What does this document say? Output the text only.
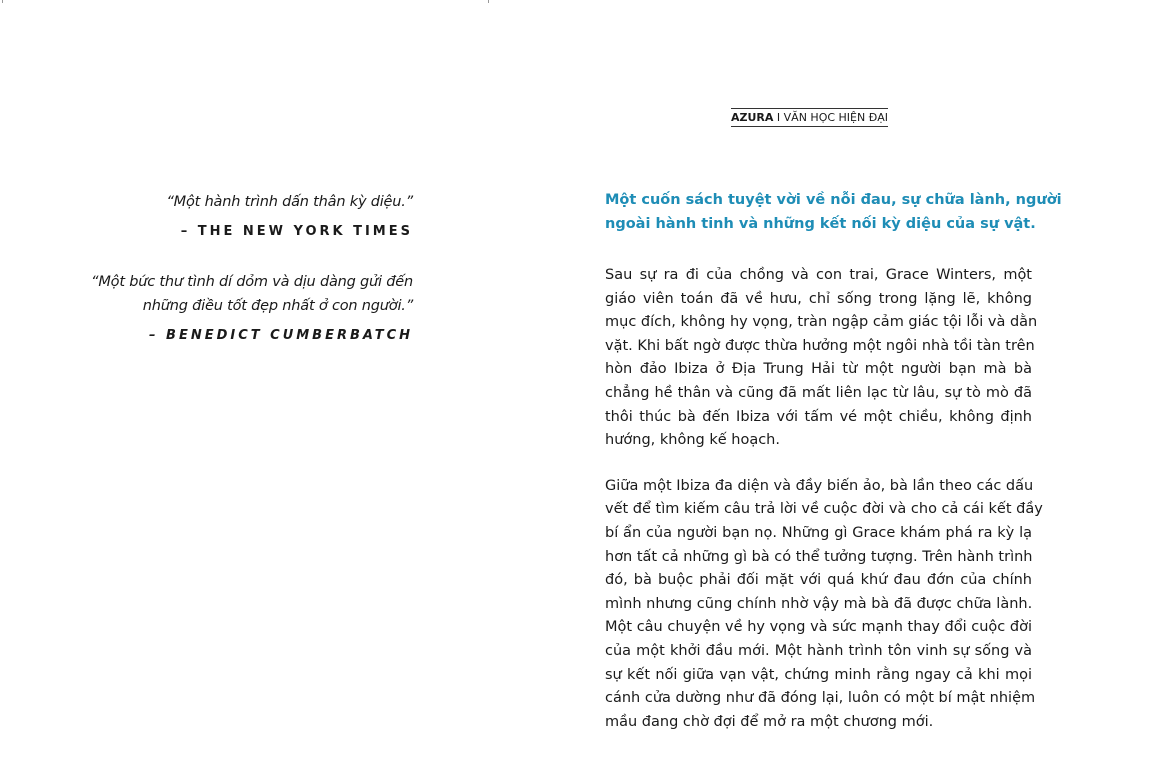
“Một hành trình dấn thân kỳ diệu.”
– THE NEW YORK TIMES
“Một bức thư tình dí dỏm và dịu dàng gửi đến
những điều tốt đẹp nhất ở con người.”
– BENEDICT CUMBERBATCH
AZURA I VĂN HỌC HIỆN ĐẠI
Một cuốn sách tuyệt vời về nỗi đau, sự chữa lành, người
ngoài hành tinh và những kết nối kỳ diệu của sự vật.
Sau sự ra đi của chồng và con trai, Grace Winters, một
giáo viên toán đã về hưu, chỉ sống trong lặng lẽ, không
mục đích, không hy vọng, tràn ngập cảm giác tội lỗi và dằn
vặt. Khi bất ngờ được thừa hưởng một ngôi nhà tồi tàn trên
hòn đảo Ibiza ở Địa Trung Hải từ một người bạn mà bà
chẳng hề thân và cũng đã mất liên lạc từ lâu, sự tò mò đã
thôi thúc bà đến Ibiza với tấm vé một chiều, không định
hướng, không kế hoạch.
Giữa một Ibiza đa diện và đầy biến ảo, bà lần theo các dấu
vết để tìm kiếm câu trả lời về cuộc đời và cho cả cái kết đầy
bí ẩn của người bạn nọ. Những gì Grace khám phá ra kỳ lạ
hơn tất cả những gì bà có thể tưởng tượng. Trên hành trình
đó, bà buộc phải đối mặt với quá khứ đau đớn của chính
mình nhưng cũng chính nhờ vậy mà bà đã được chữa lành.
Một câu chuyện về hy vọng và sức mạnh thay đổi cuộc đời
của một khởi đầu mới. Một hành trình tôn vinh sự sống và
sự kết nối giữa vạn vật, chứng minh rằng ngay cả khi mọi
cánh cửa dường như đã đóng lại, luôn có một bí mật nhiệm
mầu đang chờ đợi để mở ra một chương mới.
